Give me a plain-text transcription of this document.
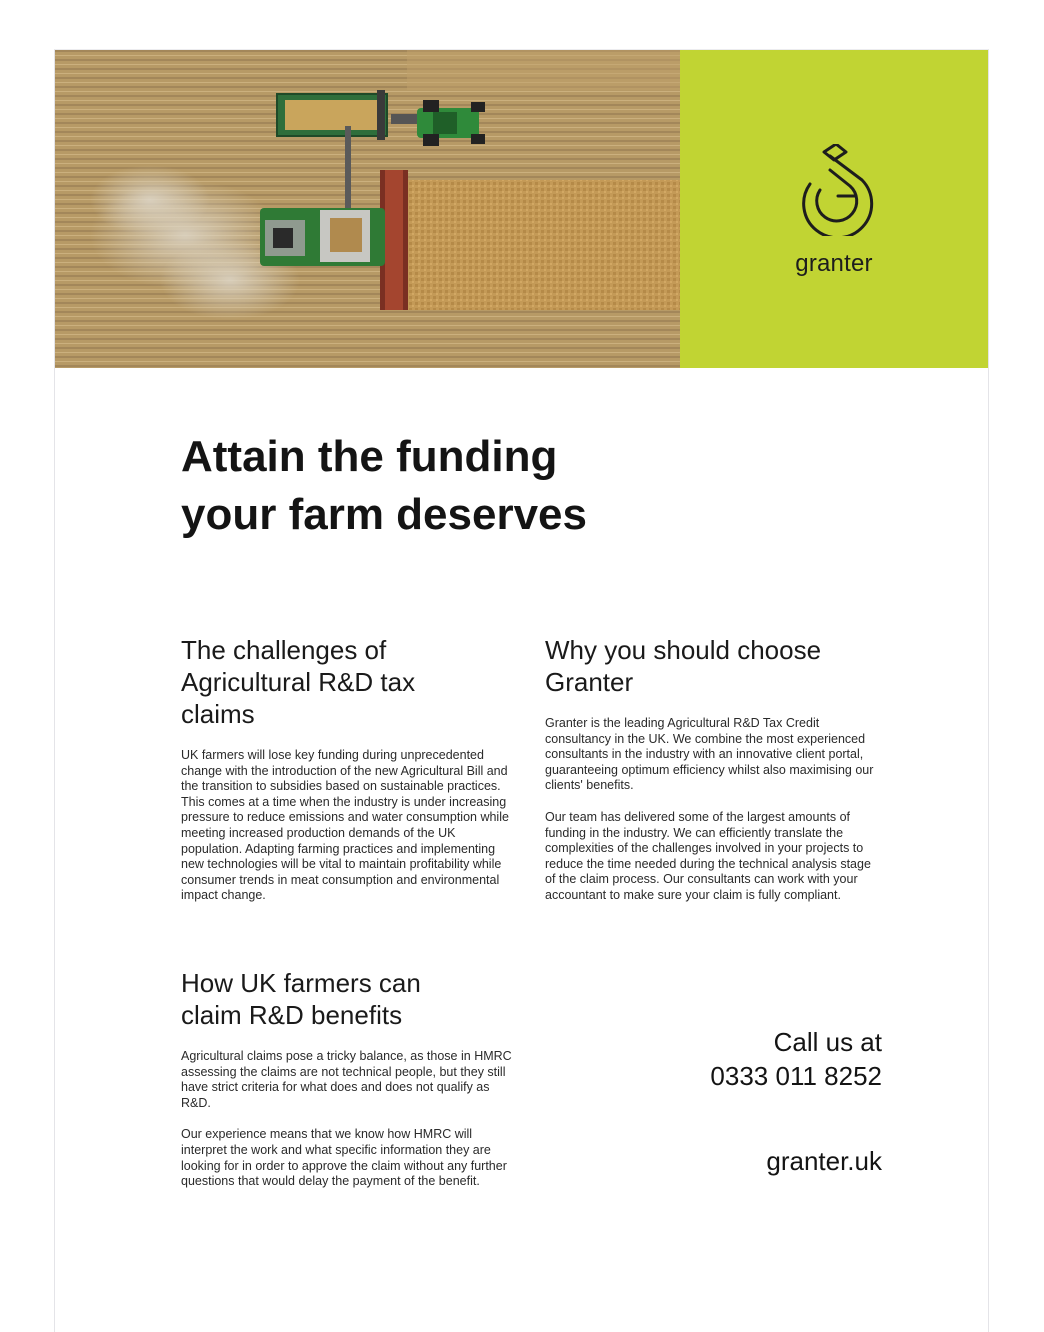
granter
Attain the funding
your farm deserves
The challenges of
Agricultural R&D tax
claims

UK farmers will lose key funding during unprecedented change with the introduction of the new Agricultural Bill and the transition to subsidies based on sustainable practices. This comes at a time when the industry is under increasing pressure to reduce emissions and water consumption while meeting increased production demands of the UK population. Adapting farming practices and implementing new technologies will be vital to maintain profitability while consumer trends in meat consumption and environmental impact change.

Why you should choose
Granter

Granter is the leading Agricultural R&D Tax Credit consultancy in the UK. We combine the most experienced consultants in the industry with an innovative client portal, guaranteeing optimum efficiency whilst also maximising our clients' benefits.

Our team has delivered some of the largest amounts of funding in the industry. We can efficiently translate the complexities of the challenges involved in your projects to reduce the time needed during the technical analysis stage of the claim process. Our consultants can work with your accountant to make sure your claim is fully compliant.

How UK farmers can
claim R&D benefits

Agricultural claims pose a tricky balance, as those in HMRC assessing the claims are not technical people, but they still have strict criteria for what does and does not qualify as R&D.

Our experience means that we know how HMRC will interpret the work and what specific information they are looking for in order to approve the claim without any further questions that would delay the payment of the benefit.

Call us at
0333 011 8252
granter.uk
